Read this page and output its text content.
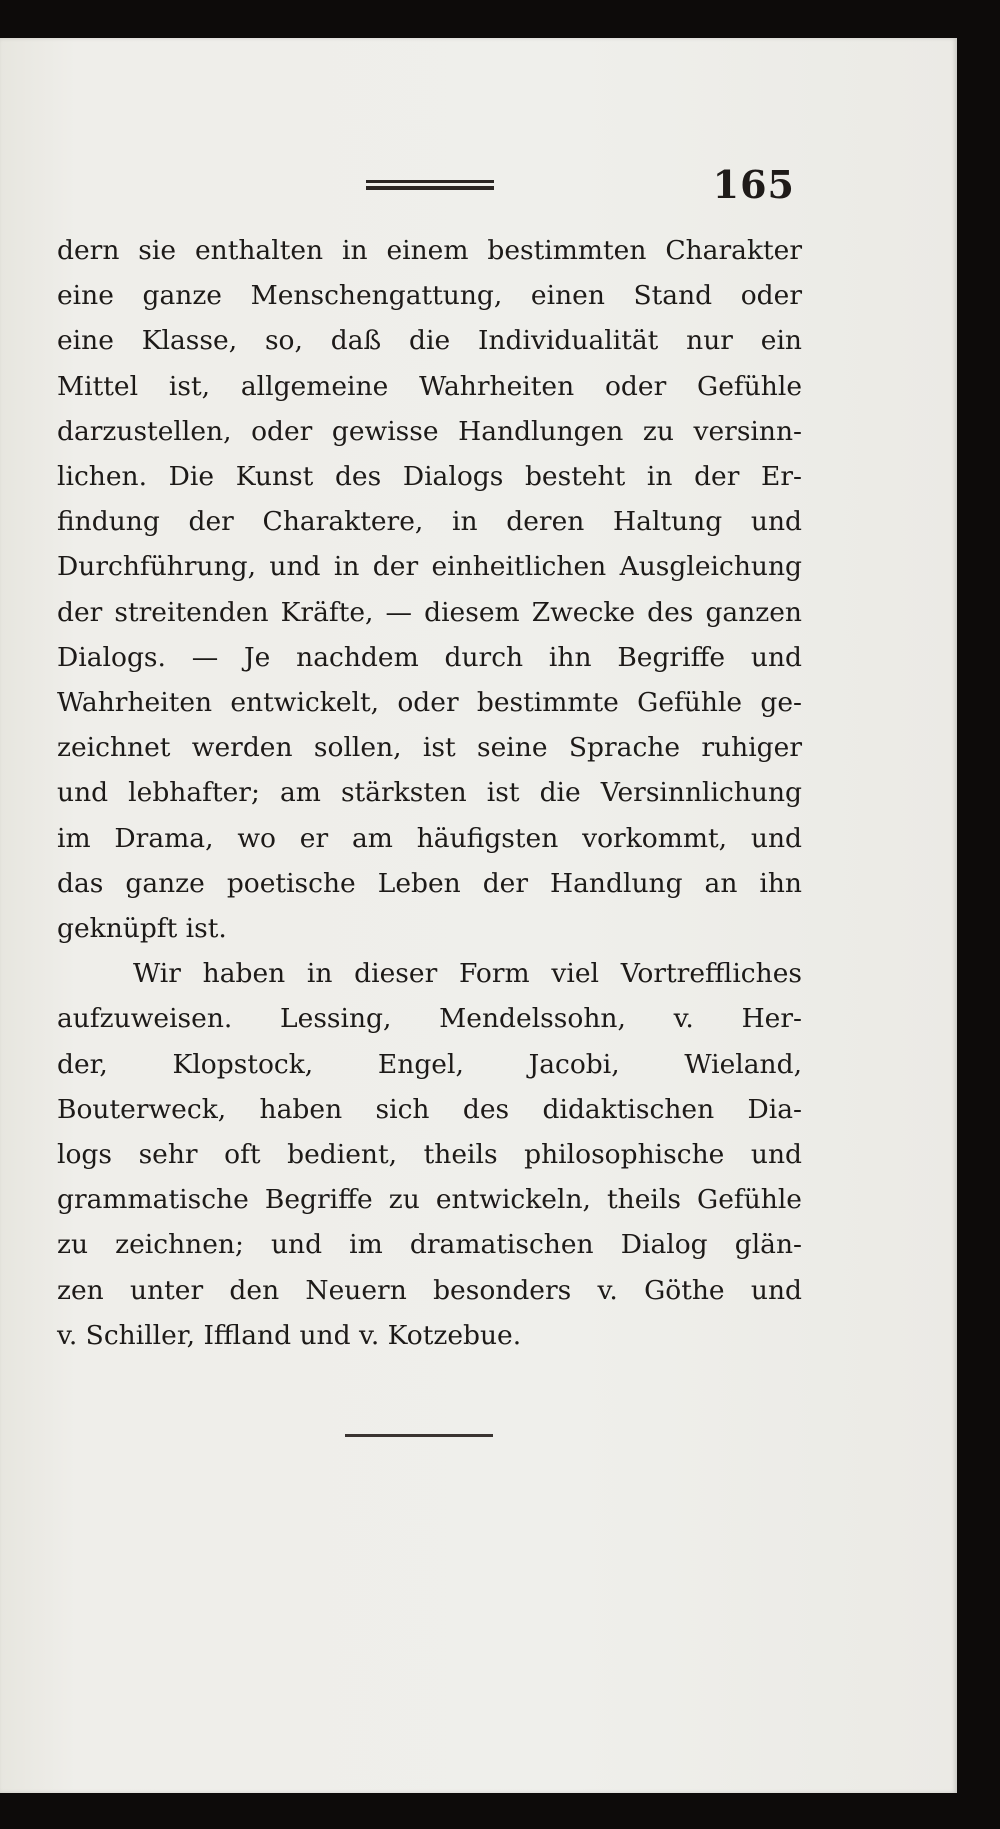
165
dern sie enthalten in einem bestimmten Charakter
eine ganze Menschengattung, einen Stand oder
eine Klasse, so, daß die Individualität nur ein
Mittel ist, allgemeine Wahrheiten oder Gefühle
darzustellen, oder gewisse Handlungen zu versinn-
lichen. Die Kunst des Dialogs besteht in der Er-
findung der Charaktere, in deren Haltung und
Durchführung, und in der einheitlichen Ausgleichung
der streitenden Kräfte, — diesem Zwecke des ganzen
Dialogs. — Je nachdem durch ihn Begriffe und
Wahrheiten entwickelt, oder bestimmte Gefühle ge-
zeichnet werden sollen, ist seine Sprache ruhiger
und lebhafter; am stärksten ist die Versinnlichung
im Drama, wo er am häufigsten vorkommt, und
das ganze poetische Leben der Handlung an ihn
geknüpft ist.
Wir haben in dieser Form viel Vortreffliches
aufzuweisen. Lessing, Mendelssohn, v. Her-
der, Klopstock, Engel, Jacobi, Wieland,
Bouterweck, haben sich des didaktischen Dia-
logs sehr oft bedient, theils philosophische und
grammatische Begriffe zu entwickeln, theils Gefühle
zu zeichnen; und im dramatischen Dialog glän-
zen unter den Neuern besonders v. Göthe und
v. Schiller, Iffland und v. Kotzebue.
